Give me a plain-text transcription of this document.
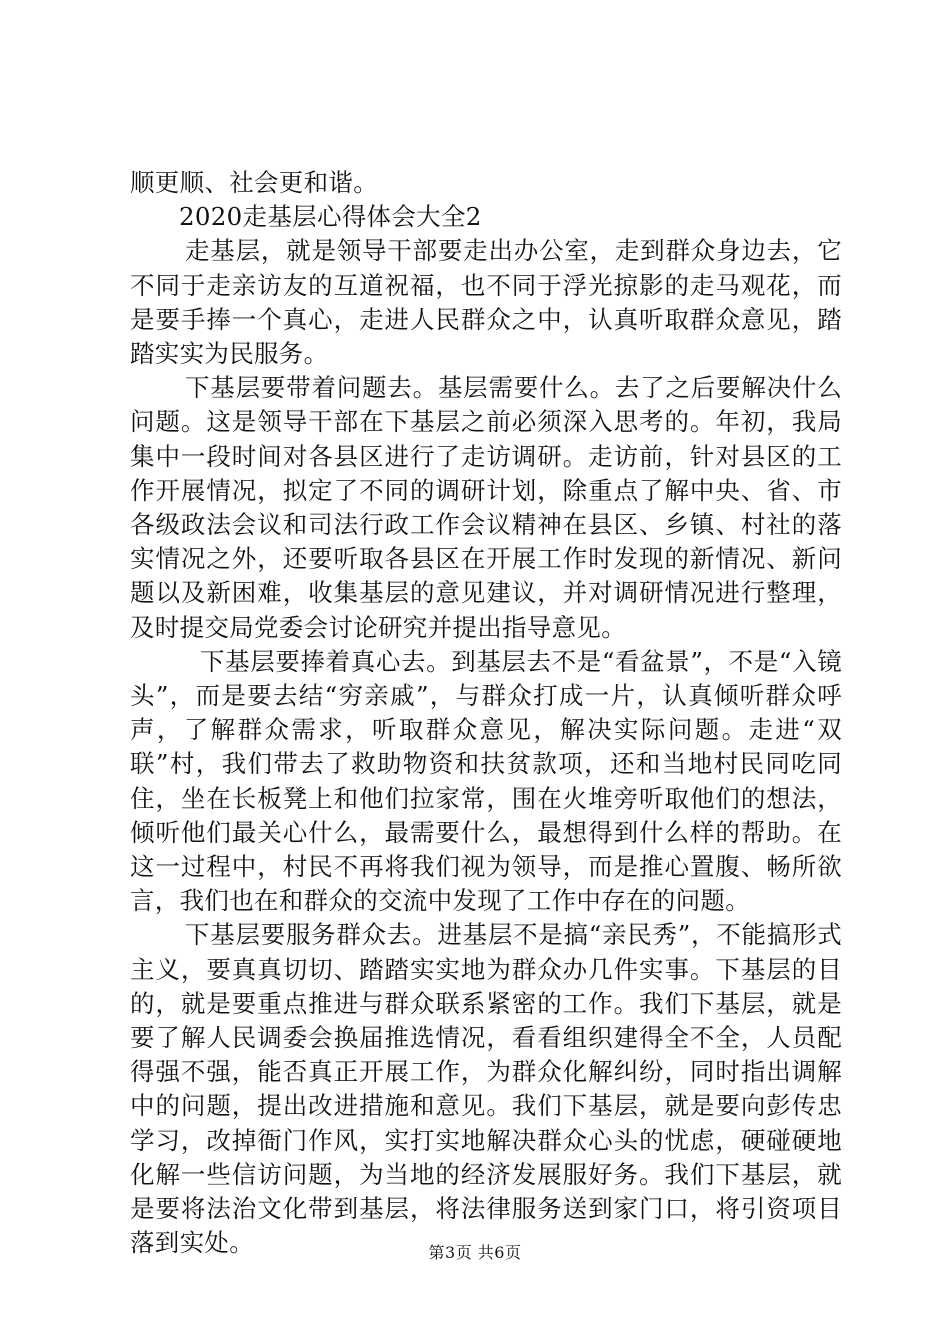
顺更顺、社会更和谐。

2020走基层心得体会大全2

走基层，就是领导干部要走出办公室，走到群众身边去，它不同于走亲访友的互道祝福，也不同于浮光掠影的走马观花，而是要手捧一个真心，走进人民群众之中，认真听取群众意见，踏踏实实为民服务。

下基层要带着问题去。基层需要什么。去了之后要解决什么问题。这是领导干部在下基层之前必须深入思考的。年初，我局集中一段时间对各县区进行了走访调研。走访前，针对县区的工作开展情况，拟定了不同的调研计划，除重点了解中央、省、市各级政法会议和司法行政工作会议精神在县区、乡镇、村社的落实情况之外，还要听取各县区在开展工作时发现的新情况、新问题以及新困难，收集基层的意见建议，并对调研情况进行整理，及时提交局党委会讨论研究并提出指导意见。

下基层要捧着真心去。到基层去不是“看盆景”，不是“入镜头”，而是要去结“穷亲戚”，与群众打成一片，认真倾听群众呼声，了解群众需求，听取群众意见，解决实际问题。走进“双联”村，我们带去了救助物资和扶贫款项，还和当地村民同吃同住，坐在长板凳上和他们拉家常，围在火堆旁听取他们的想法，倾听他们最关心什么，最需要什么，最想得到什么样的帮助。在这一过程中，村民不再将我们视为领导，而是推心置腹、畅所欲言，我们也在和群众的交流中发现了工作中存在的问题。

下基层要服务群众去。进基层不是搞“亲民秀”，不能搞形式主义，要真真切切、踏踏实实地为群众办几件实事。下基层的目的，就是要重点推进与群众联系紧密的工作。我们下基层，就是要了解人民调委会换届推选情况，看看组织建得全不全，人员配得强不强，能否真正开展工作，为群众化解纠纷，同时指出调解中的问题，提出改进措施和意见。我们下基层，就是要向彭传忠学习，改掉衙门作风，实打实地解决群众心头的忧虑，硬碰硬地化解一些信访问题，为当地的经济发展服好务。我们下基层，就是要将法治文化带到基层，将法律服务送到家门口，将引资项目落到实处。	第3页 共6页
